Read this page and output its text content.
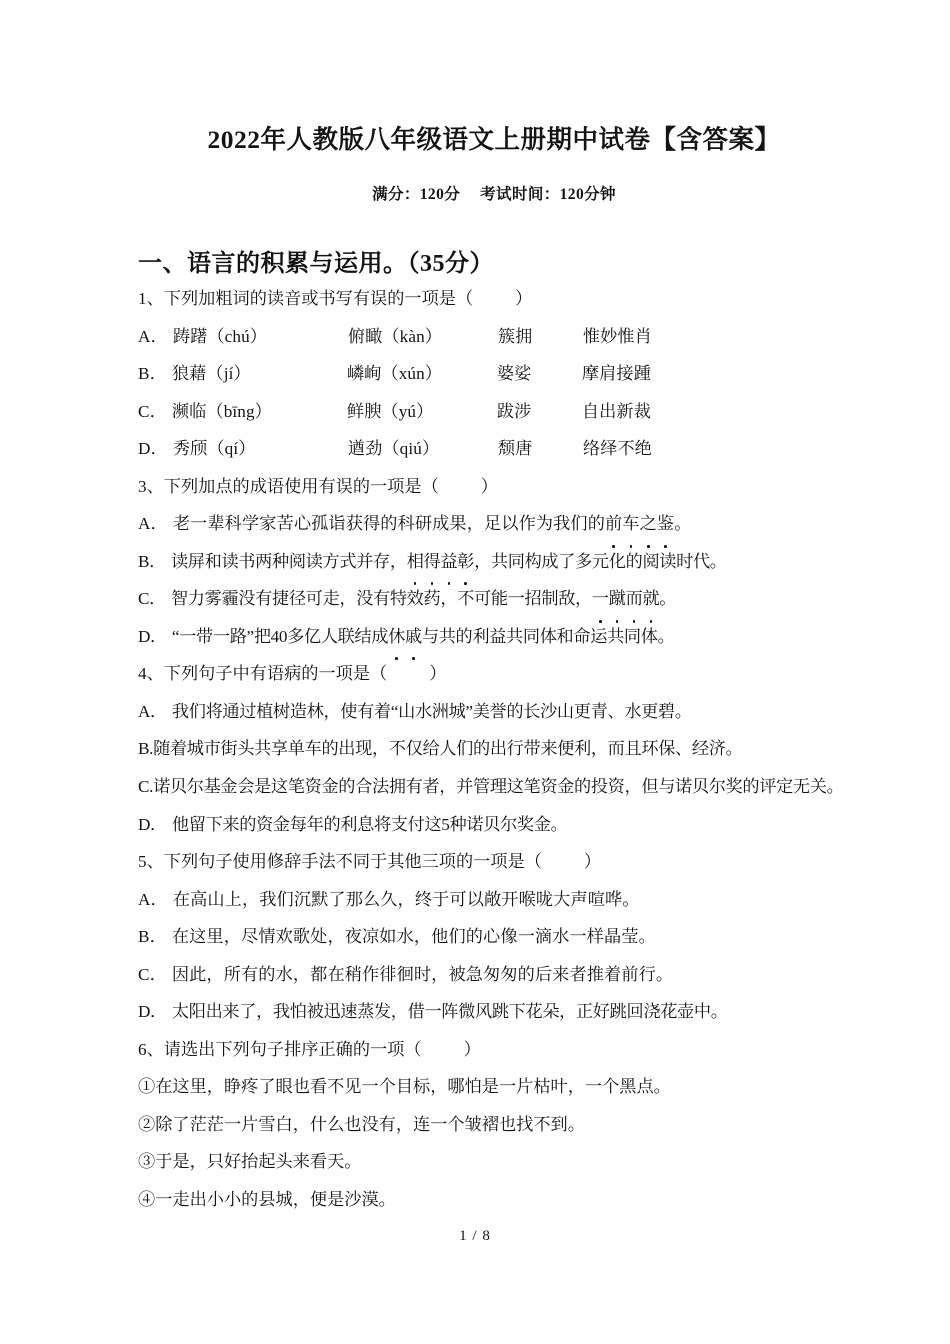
2022年人教版八年级语文上册期中试卷【含答案】

满分：120分 考试时间：120分钟

一、语言的积累与运用。（35分）

1、下列加粗词的读音或书写有误的一项是（ ）

A． 踌躇（chú）	俯瞰（kàn）	簇拥	惟妙惟肖

B． 狼藉（jí）	嶙峋（xún）	婆娑	摩肩接踵

C． 濒临（bīng）	鲜腴（yú）	跋涉	自出新裁

D． 秀颀（qí）	遒劲（qiú）	颓唐	络绎不绝

3、下列加点的成语使用有误的一项是（ ）

A． 老一辈科学家苦心孤诣获得的科研成果，足以作为我们的前车之鉴。

B． 读屏和读书两种阅读方式并存，相得益彰，共同构成了多元化的阅读时代。

C． 智力雾霾没有捷径可走，没有特效药，不可能一招制敌，一蹴而就。

D． “一带一路”把40多亿人联结成休戚与共的利益共同体和命运共同体。

4、下列句子中有语病的一项是（ ）

A． 我们将通过植树造林，使有着“山水洲城”美誉的长沙山更青、水更碧。

B.随着城市街头共享单车的出现，不仅给人们的出行带来便利，而且环保、经济。

C.诺贝尔基金会是这笔资金的合法拥有者，并管理这笔资金的投资，但与诺贝尔奖的评定无关。

D． 他留下来的资金每年的利息将支付这5种诺贝尔奖金。

5、下列句子使用修辞手法不同于其他三项的一项是（ ）

A． 在高山上，我们沉默了那么久，终于可以敞开喉咙大声喧哗。

B． 在这里，尽情欢歌处，夜凉如水，他们的心像一滴水一样晶莹。

C． 因此，所有的水，都在稍作徘徊时，被急匆匆的后来者推着前行。

D． 太阳出来了，我怕被迅速蒸发，借一阵微风跳下花朵，正好跳回浇花壶中。

6、请选出下列句子排序正确的一项（ ）

①在这里，睁疼了眼也看不见一个目标，哪怕是一片枯叶，一个黑点。

②除了茫茫一片雪白，什么也没有，连一个皱褶也找不到。

③于是，只好抬起头来看天。

④一走出小小的县城，便是沙漠。

1 / 8
